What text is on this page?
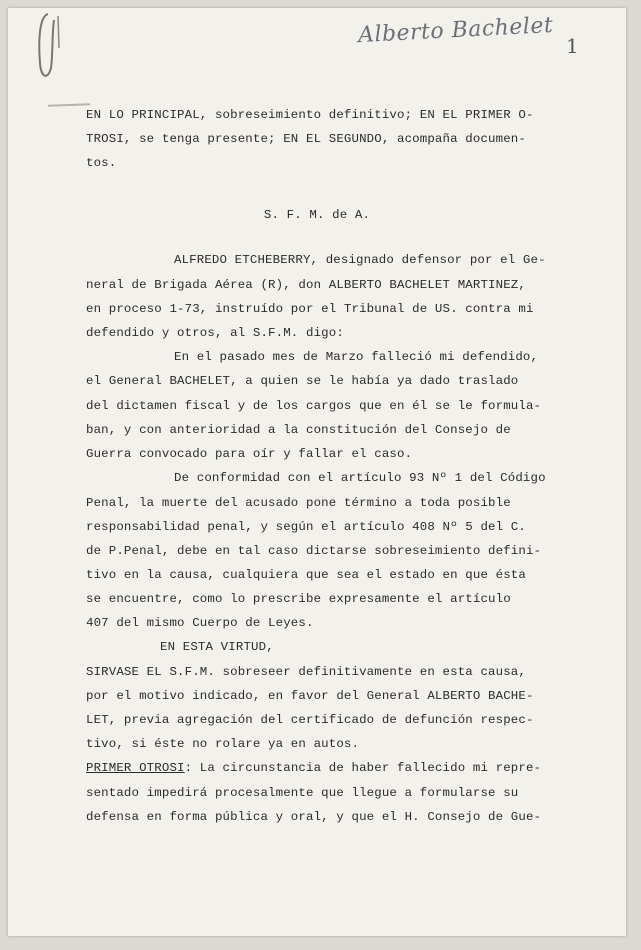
Alberto Bachelet 1
EN LO PRINCIPAL, sobreseimiento definitivo; EN EL PRIMER O-
TROSI, se tenga presente; EN EL SEGUNDO, acompaña documen-
tos.
S. F. M. de A.
ALFREDO ETCHEBERRY, designado defensor por el Ge-
neral de Brigada Aérea (R), don ALBERTO BACHELET MARTINEZ,
en proceso 1-73, instruído por el Tribunal de US. contra mi
defendido y otros, al S.F.M. digo:
En el pasado mes de Marzo falleció mi defendido,
el General BACHELET, a quien se le había ya dado traslado
del dictamen fiscal y de los cargos que en él se le formula-
ban, y con anterioridad a la constitución del Consejo de
Guerra convocado para oír y fallar el caso.
De conformidad con el artículo 93 Nº 1 del Código
Penal, la muerte del acusado pone término a toda posible
responsabilidad penal, y según el artículo 408 Nº 5 del C.
de P.Penal, debe en tal caso dictarse sobreseimiento defini-
tivo en la causa, cualquiera que sea el estado en que ésta
se encuentre, como lo prescribe expresamente el artículo
407 del mismo Cuerpo de Leyes.
EN ESTA VIRTUD,
SIRVASE EL S.F.M. sobreseer definitivamente en esta causa,
por el motivo indicado, en favor del General ALBERTO BACHE-
LET, previa agregación del certificado de defunción respec-
tivo, si éste no rolare ya en autos.
PRIMER OTROSI: La circunstancia de haber fallecido mi repre-
sentado impedirá procesalmente que llegue a formularse su
defensa en forma pública y oral, y que el H. Consejo de Gue-
